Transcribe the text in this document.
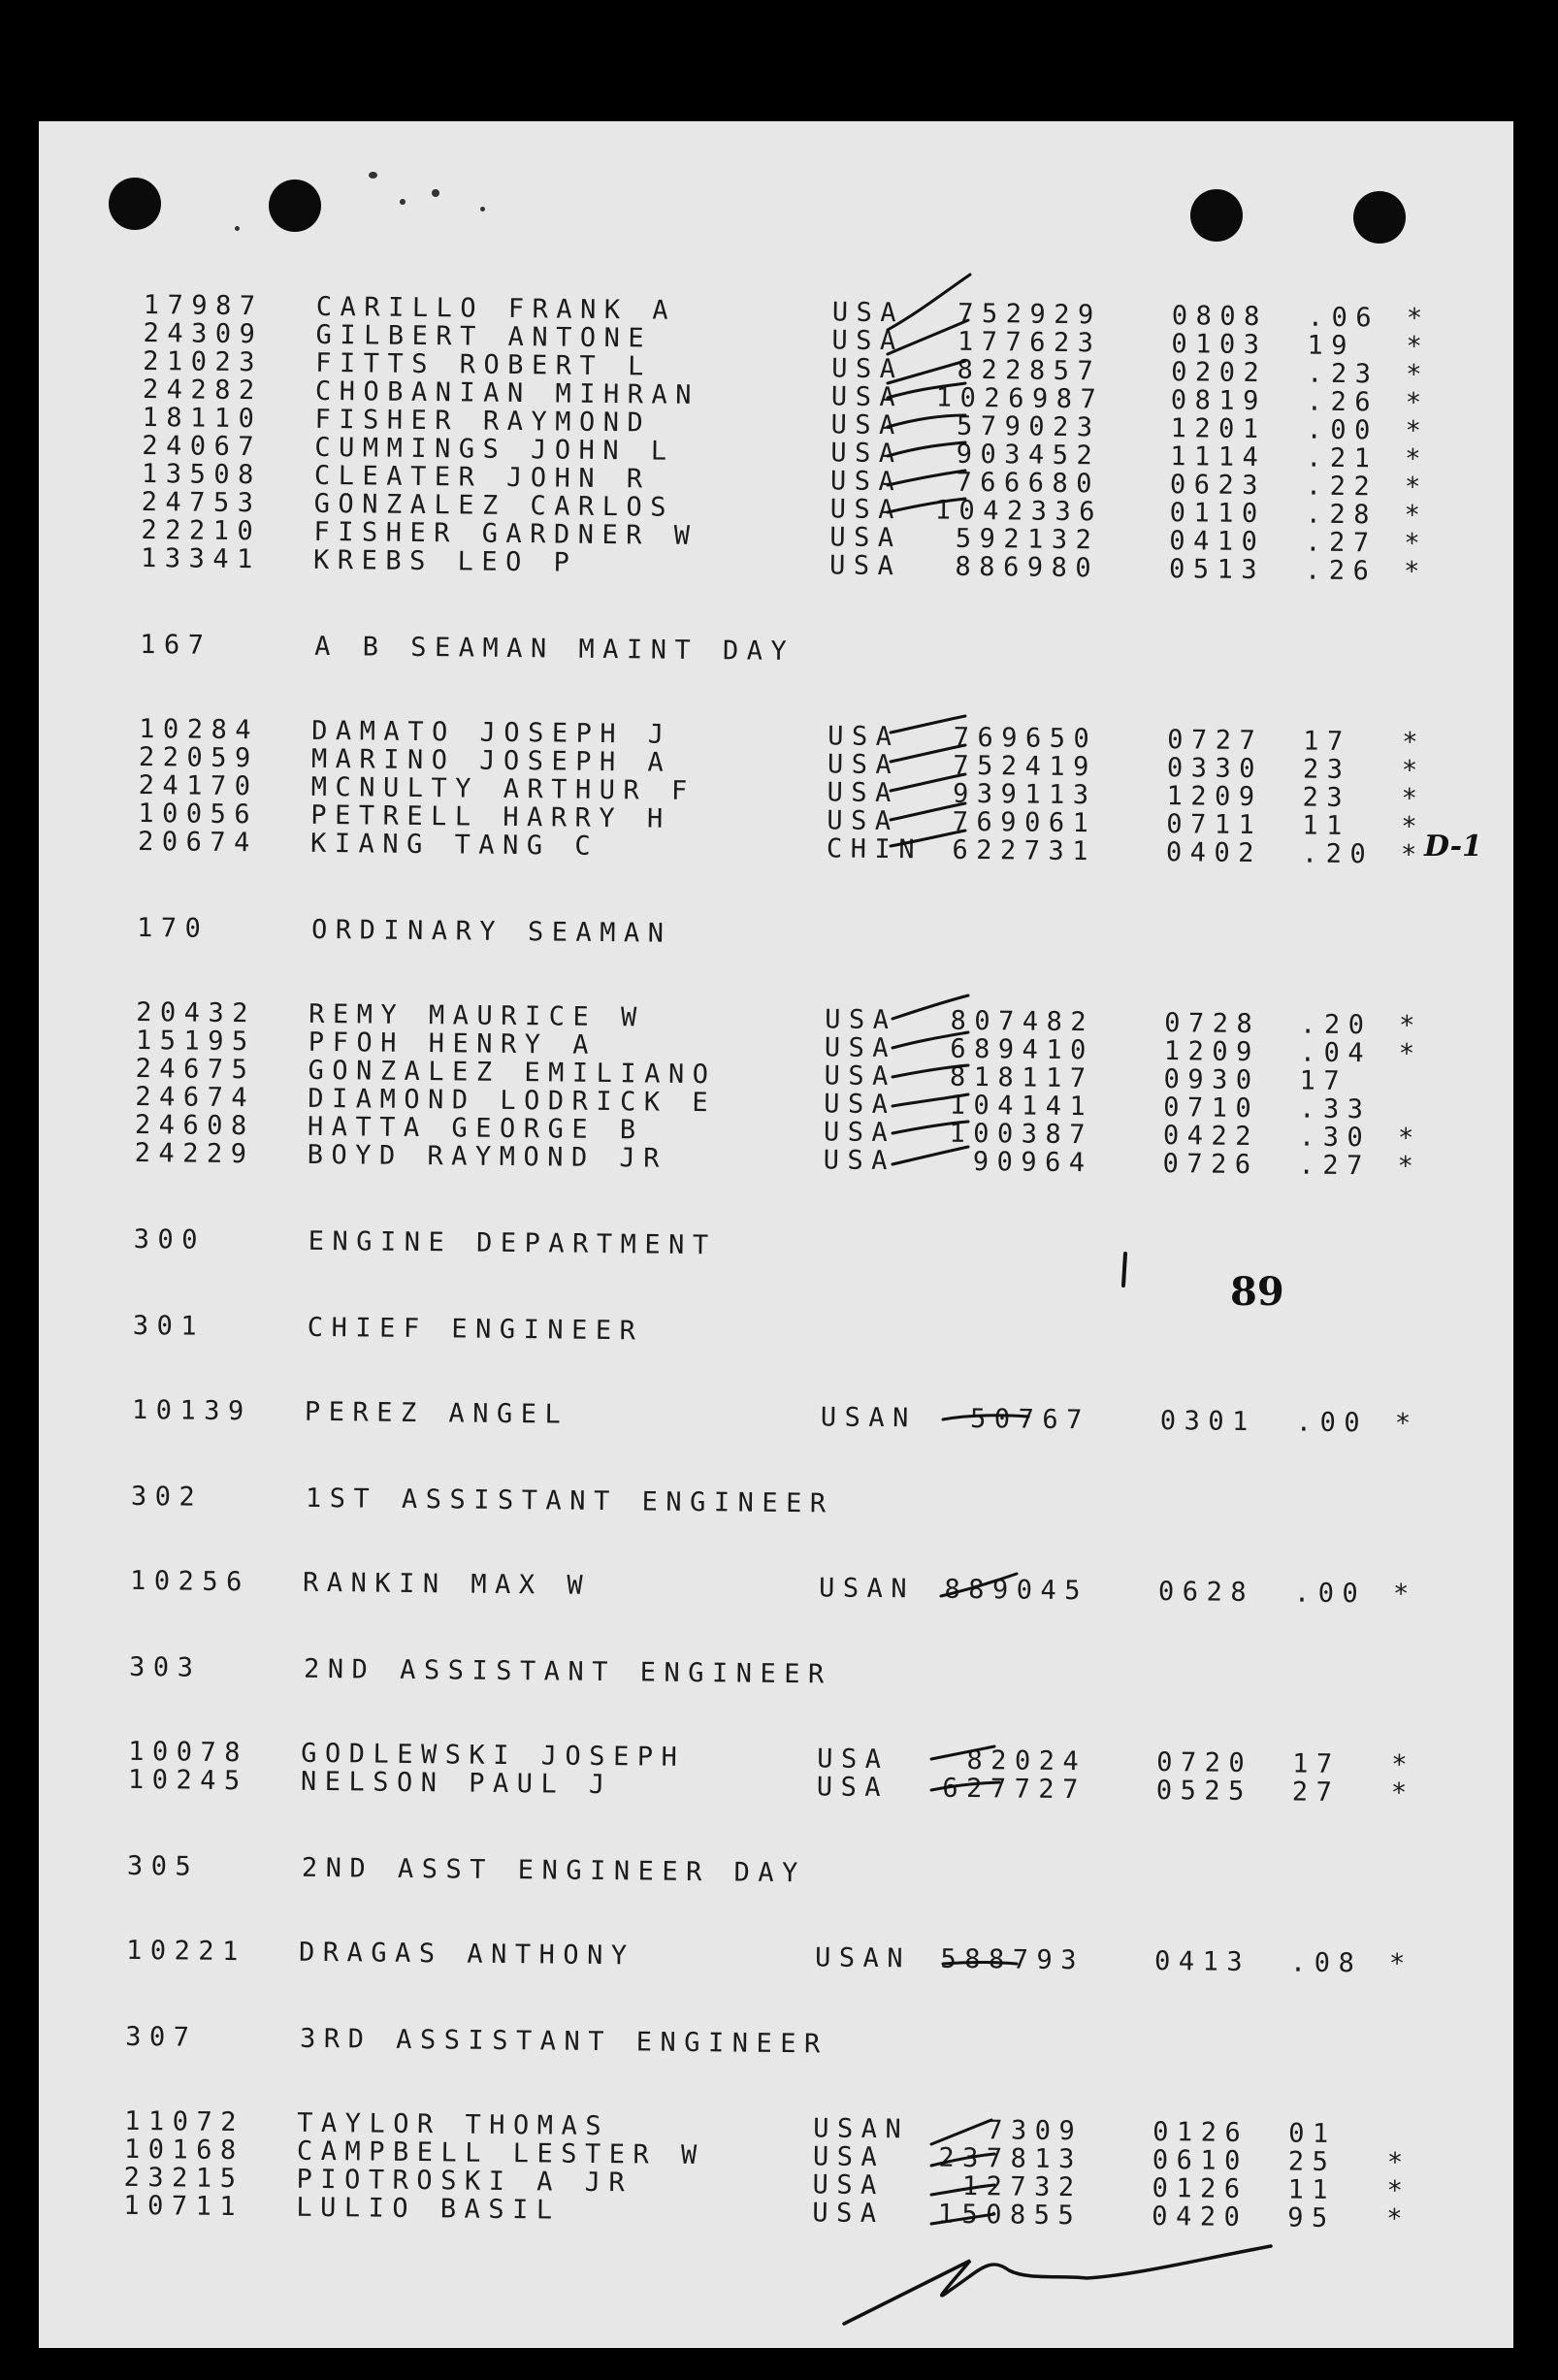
17987 CARILLO FRANK A	USA	752929	0808 .06 *
24309 GILBERT ANTONE	USA	177623	0103 19 *
21023 FITTS ROBERT L	USA	822857	0202 .23 *
24282 CHOBANIAN MIHRAN	USA 1026987	0819 .26 *
18110 FISHER RAYMOND	USA	579023	1201 .00 *
24067 CUMMINGS JOHN L	USA	903452	1114 .21 *
13508 CLEATER JOHN R	USA	766680	0623 .22 *
24753 GONZALEZ CARLOS	USA 1042336	0110 .28 *
22210 FISHER GARDNER W	USA	592132	0410 .27 *
13341 KREBS LEO P	USA	886980	0513 .26 *
167	A B SEAMAN MAINT DAY
10284 DAMATO JOSEPH J	USA	769650	0727 17 *
22059 MARINO JOSEPH A	USA	752419	0330 23 *
24170 MCNULTY ARTHUR F	USA	939113	1209 23 *
10056 PETRELL HARRY H	USA	769061	0711 11 *
20674 KIANG TANG C	CHIN	622731	0402 .20 *
170	ORDINARY SEAMAN
20432 REMY MAURICE W	USA	807482	0728 .20 *
15195 PFOH HENRY A	USA	689410	1209 .04 *
24675 GONZALEZ EMILIANO	USA	818117	0930 17
24674 DIAMOND LODRICK E	USA	104141	0710 .33
24608 HATTA GEORGE B	USA	100387	0422 .30 *
24229 BOYD RAYMOND JR	USA	90964	0726 .27 *
300	ENGINE DEPARTMENT
301	CHIEF ENGINEER
10139 PEREZ ANGEL	USAN	50767	0301 .00 *
302	1ST ASSISTANT ENGINEER
10256 RANKIN MAX W	USAN	889045	0628 .00 *
303	2ND ASSISTANT ENGINEER
10078 GODLEWSKI JOSEPH	USA	82024	0720 17 *
10245 NELSON PAUL J	USA	627727	0525 27 *
305	2ND ASST ENGINEER DAY
10221 DRAGAS ANTHONY	USAN	588793	0413 .08 *
307	3RD ASSISTANT ENGINEER
11072 TAYLOR THOMAS	USAN	7309	0126 01
10168 CAMPBELL LESTER W	USA	237813	0610 25 *
23215 PIOTROSKI A JR	USA	12732	0126 11 *
10711 LULIO BASIL	USA	150855	0420 95 *
89
D-1
